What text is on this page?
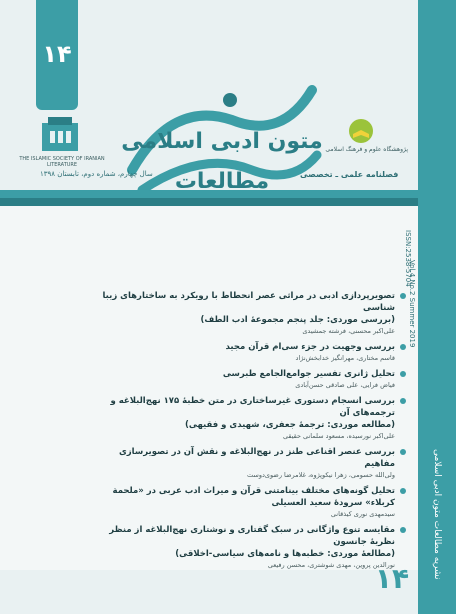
۱۴
THE ISLAMIC SOCIETY OF IRANIAN LITERATURE
پژوهشگاه علوم و فرهنگ اسلامی
متون ادبی اسلامی
مطالعات
سال چهارم، شماره دوم، تابستان ۱۳۹۸	فصلنامه علمی ـ تخصصی
نشریه مطالعات متون ادبی اسلامی
ISSN:2538-5704
Vol.4 No.2 Summer 2019
تصویرپردازی ادبی در مراثی عصر انحطاط با رویکرد به ساختارهای زیبا شناسی
(بررسی موردی: جلد پنجم مجموعهٔ ادب الطف)
علی‌اکبر محسنی، فرشته جمشیدی
بررسی وجهیت در جزء سی‌ام قرآن مجید
قاسم مختاری، مهرانگیز خدابخش‌نژاد
تحلیل ژانری تفسیر جوامع‌الجامع طبرسی
فیاض فرایی، علی صادقی حسن‌آبادی
بررسی انسجام دستوری غیرساختاری در متن خطبهٔ ۱۷۵ نهج‌البلاغه و ترجمه‌های آن
(مطالعه موردی: ترجمهٔ جعفری، شهیدی و فقیهی)
علی‌اکبر نورسیده، مسعود سلمانی حقیقی
بررسی عنصر اقناعی طنز در نهج‌البلاغه و نقش آن در تصویرسازی مفاهیم
ولی‌الله حسومی، زهرا نیکوپژوه، غلامرضا رضوی‌دوست
تحلیل گونه‌های مختلف بینامتنی قرآن و میراث ادب عربی در «ملحمة کربلاء» سرودهٔ سعید العسیلی
سیدمهدی نوری کیذقانی
مقایسه تنوع واژگانی در سبک گفتاری و نوشتاری نهج‌البلاغه از منظر نظریهٔ جانسون
(مطالعهٔ موردی: خطبه‌ها و نامه‌های سیاسی-اخلاقی)
نورالدین پروین، مهدی شوشتری، محسن رفیعی
۱۴
